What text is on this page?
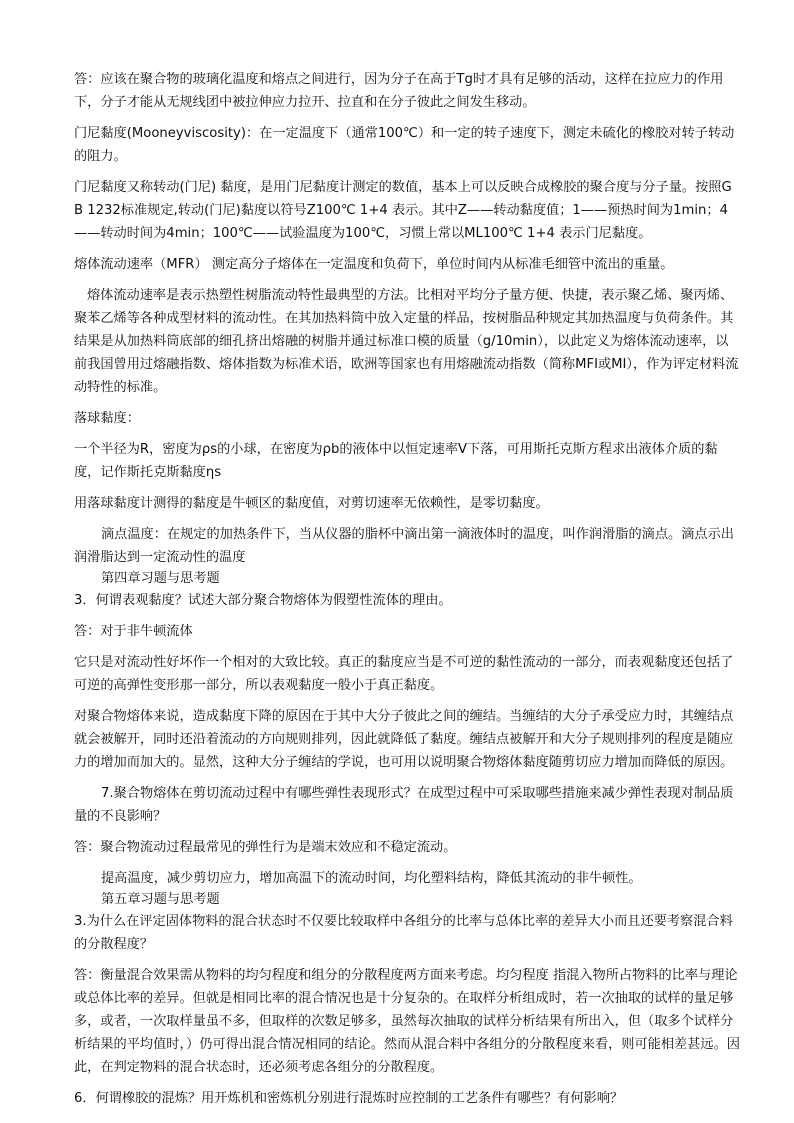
答：应该在聚合物的玻璃化温度和熔点之间进行，因为分子在高于Tg时才具有足够的活动，这样在拉应力的作用下，分子才能从无规线团中被拉伸应力拉开、拉直和在分子彼此之间发生移动。

门尼黏度(Mooneyviscosity)：在一定温度下（通常100℃）和一定的转子速度下，测定未硫化的橡胶对转子转动的阻力。

门尼黏度又称转动(门尼) 黏度，是用门尼黏度计测定的数值，基本上可以反映合成橡胶的聚合度与分子量。按照GB 1232标准规定,转动(门尼)黏度以符号Z100℃ 1+4 表示。其中Z——转动黏度值；1——预热时间为1min；4——转动时间为4min；100℃——试验温度为100℃，习惯上常以ML100℃ 1+4 表示门尼黏度。

熔体流动速率（MFR） 测定高分子熔体在一定温度和负荷下，单位时间内从标准毛细管中流出的重量。

熔体流动速率是表示热塑性树脂流动特性最典型的方法。比相对平均分子量方便、快捷，表示聚乙烯、聚丙烯、聚苯乙烯等各种成型材料的流动性。在其加热料筒中放入定量的样品，按树脂品种规定其加热温度与负荷条件。其结果是从加热料筒底部的细孔挤出熔融的树脂并通过标准口模的质量（g/10min），以此定义为熔体流动速率，以前我国曾用过熔融指数、熔体指数为标准术语，欧洲等国家也有用熔融流动指数（简称MFI或MI），作为评定材料流动特性的标准。

落球黏度：

一个半径为R，密度为ρs的小球，在密度为ρb的液体中以恒定速率V下落，可用斯托克斯方程求出液体介质的黏度，记作斯托克斯黏度ηs

用落球黏度计测得的黏度是牛顿区的黏度值，对剪切速率无依赖性，是零切黏度。

滴点温度：在规定的加热条件下，当从仪器的脂杯中滴出第一滴液体时的温度，叫作润滑脂的滴点。滴点示出润滑脂达到一定流动性的温度

第四章习题与思考题

3．何谓表观黏度？试述大部分聚合物熔体为假塑性流体的理由。

答：对于非牛顿流体

它只是对流动性好坏作一个相对的大致比较。真正的黏度应当是不可逆的黏性流动的一部分，而表观黏度还包括了可逆的高弹性变形那一部分，所以表观黏度一般小于真正黏度。

对聚合物熔体来说，造成黏度下降的原因在于其中大分子彼此之间的缠结。当缠结的大分子承受应力时，其缠结点就会被解开，同时还沿着流动的方向规则排列，因此就降低了黏度。缠结点被解开和大分子规则排列的程度是随应力的增加而加大的。显然，这种大分子缠结的学说，也可用以说明聚合物熔体黏度随剪切应力增加而降低的原因。

7.聚合物熔体在剪切流动过程中有哪些弹性表现形式？在成型过程中可采取哪些措施来减少弹性表现对制品质量的不良影响？

答：聚合物流动过程最常见的弹性行为是端末效应和不稳定流动。

提高温度，减少剪切应力，增加高温下的流动时间，均化塑料结构，降低其流动的非牛顿性。

第五章习题与思考题

3.为什么在评定固体物料的混合状态时不仅要比较取样中各组分的比率与总体比率的差异大小而且还要考察混合料的分散程度？

答：衡量混合效果需从物料的均匀程度和组分的分散程度两方面来考虑。均匀程度 指混入物所占物料的比率与理论或总体比率的差异。但就是相同比率的混合情况也是十分复杂的。在取样分析组成时，若一次抽取的试样的量足够多，或者，一次取样量虽不多，但取样的次数足够多，虽然每次抽取的试样分析结果有所出入，但（取多个试样分析结果的平均值时，）仍可得出混合情况相同的结论。然而从混合料中各组分的分散程度来看，则可能相差甚远。因此，在判定物料的混合状态时，还必须考虑各组分的分散程度。

6．何谓橡胶的混炼？用开炼机和密炼机分别进行混炼时应控制的工艺条件有哪些？有何影响？
